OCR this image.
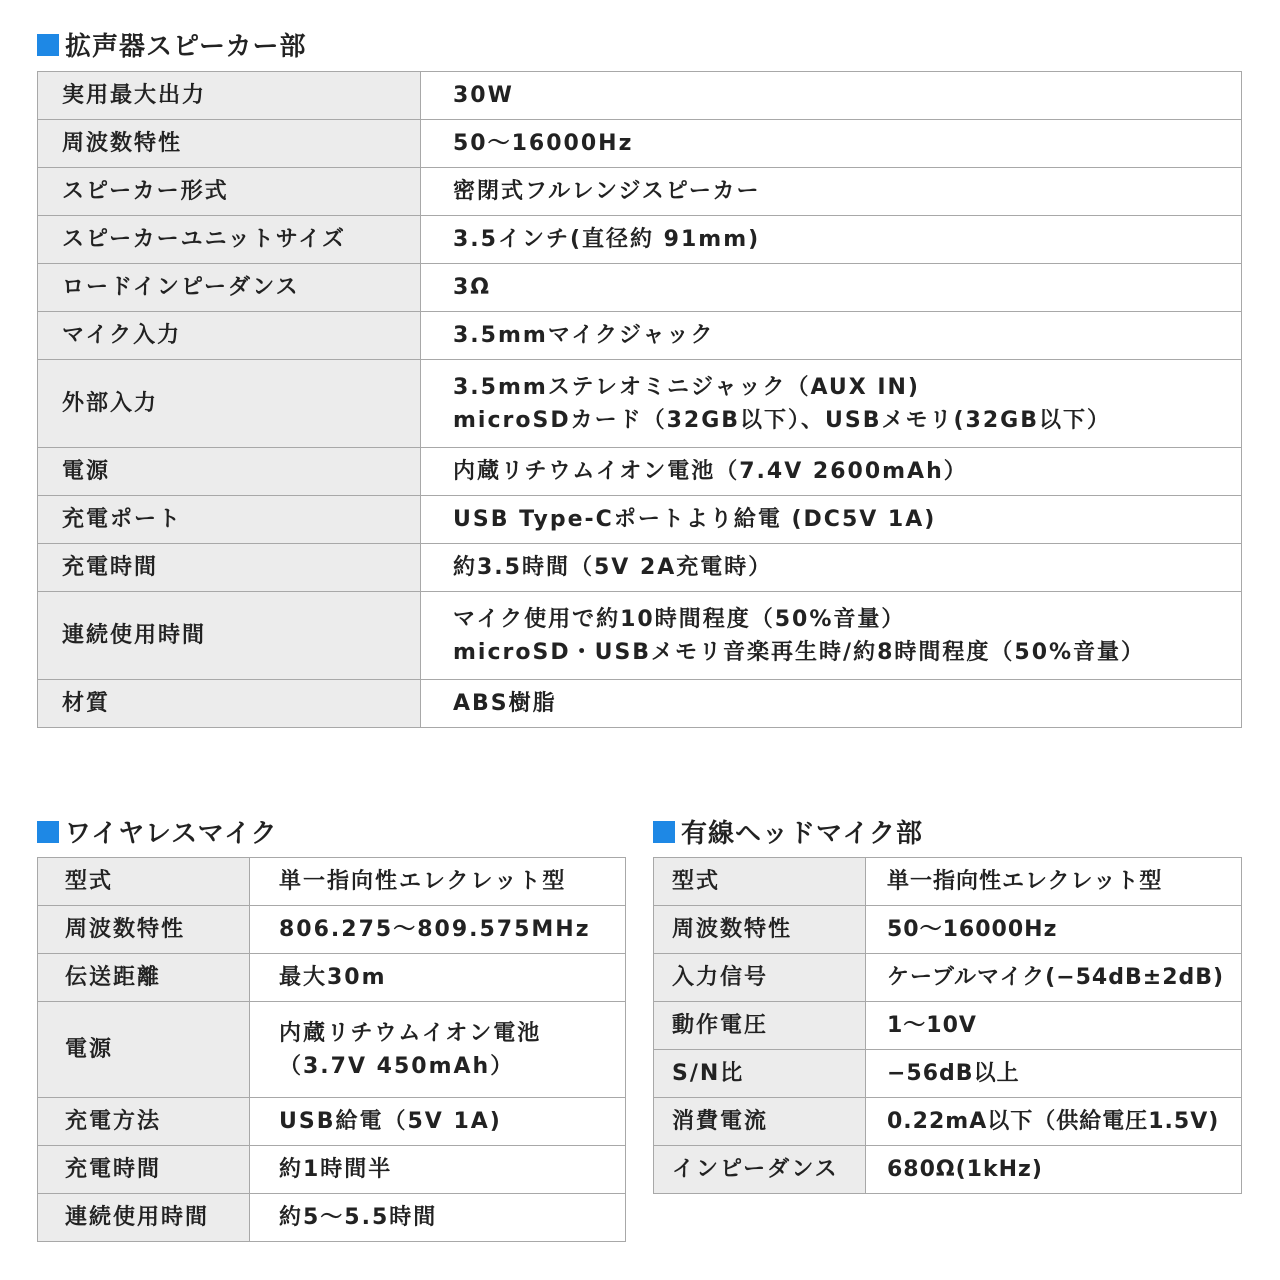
拡声器スピーカー部
実用最大出力	30W
周波数特性	50〜16000Hz
スピーカー形式	密閉式フルレンジスピーカー
スピーカーユニットサイズ	3.5インチ(直径約 91mm)
ロードインピーダンス	3Ω
マイク入力	3.5mmマイクジャック
外部入力	3.5mmステレオミニジャック（AUX IN)
microSDカード（32GB以下）、USBメモリ(32GB以下）
電源	内蔵リチウムイオン電池（7.4V 2600mAh）
充電ポート	USB Type-Cポートより給電 (DC5V 1A)
充電時間	約3.5時間（5V 2A充電時）
連続使用時間	マイク使用で約10時間程度（50%音量）
microSD・USBメモリ音楽再生時/約8時間程度（50%音量）
材質	ABS樹脂
ワイヤレスマイク
型式	単一指向性エレクレット型
周波数特性	806.275〜809.575MHz
伝送距離	最大30m
電源	内蔵リチウムイオン電池
（3.7V 450mAh）
充電方法	USB給電（5V 1A)
充電時間	約1時間半
連続使用時間	約5〜5.5時間
有線ヘッドマイク部
型式	単一指向性エレクレット型
周波数特性	50〜16000Hz
入力信号	ケーブルマイク(−54dB±2dB)
動作電圧	1〜10V
S/N比	−56dB以上
消費電流	0.22mA以下（供給電圧1.5V)
インピーダンス	680Ω(1kHz)
